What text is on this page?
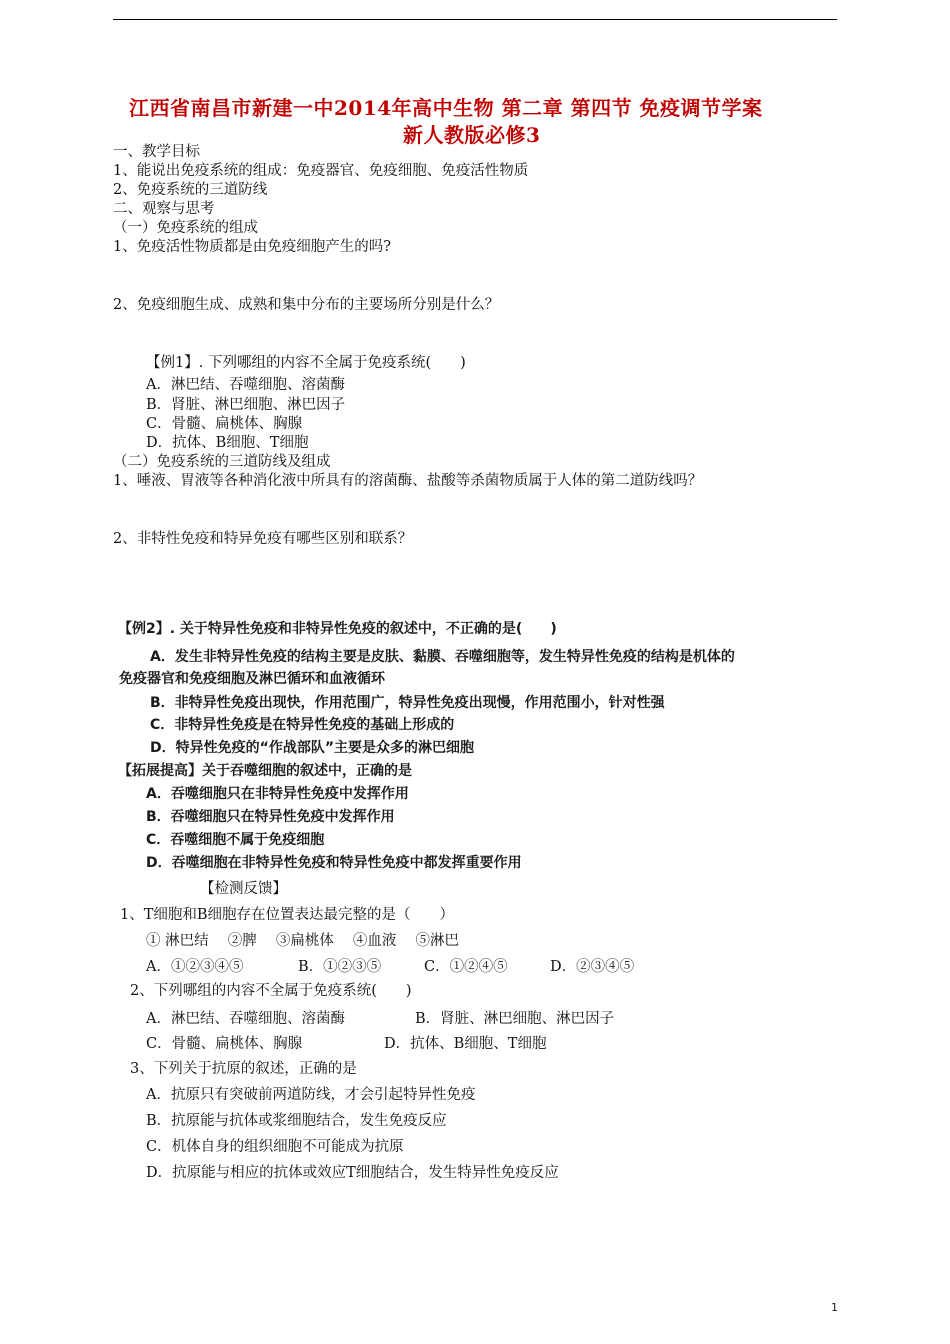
江西省南昌市新建一中2014年高中生物 第二章 第四节 免疫调节学案
新人教版必修3
一、教学目标
1、能说出免疫系统的组成：免疫器官、免疫细胞、免疫活性物质
2、免疫系统的三道防线
二、观察与思考
（一）免疫系统的组成
1、免疫活性物质都是由免疫细胞产生的吗?
2、免疫细胞生成、成熟和集中分布的主要场所分别是什么？
【例1】. 下列哪组的内容不全属于免疫系统(　　)
A．淋巴结、吞噬细胞、溶菌酶
B．肾脏、淋巴细胞、淋巴因子
C．骨髓、扁桃体、胸腺
D．抗体、B细胞、T细胞
（二）免疫系统的三道防线及组成
1、唾液、胃液等各种消化液中所具有的溶菌酶、盐酸等杀菌物质属于人体的第二道防线吗？
2、非特性免疫和特异免疫有哪些区别和联系？
【例2】. 关于特异性免疫和非特异性免疫的叙述中，不正确的是(　　)
A．发生非特异性免疫的结构主要是皮肤、黏膜、吞噬细胞等，发生特异性免疫的结构是机体的
免疫器官和免疫细胞及淋巴循环和血液循环
B．非特异性免疫出现快，作用范围广，特异性免疫出现慢，作用范围小，针对性强
C．非特异性免疫是在特异性免疫的基础上形成的
D．特异性免疫的“作战部队”主要是众多的淋巴细胞
【拓展提高】关于吞噬细胞的叙述中，正确的是
A．吞噬细胞只在非特异性免疫中发挥作用
B．吞噬细胞只在特异性免疫中发挥作用
C．吞噬细胞不属于免疫细胞
D．吞噬细胞在非特异性免疫和特异性免疫中都发挥重要作用
【检测反馈】
1、T细胞和B细胞存在位置表达最完整的是（　　）
① 淋巴结　 ②脾　 ③扁桃体　 ④血液　 ⑤淋巴
A．①②③④⑤	B．①②③⑤	C．①②④⑤	D．②③④⑤
2、下列哪组的内容不全属于免疫系统(　　)
A．淋巴结、吞噬细胞、溶菌酶	B．肾脏、淋巴细胞、淋巴因子
C．骨髓、扁桃体、胸腺	D．抗体、B细胞、T细胞
3、下列关于抗原的叙述，正确的是
A．抗原只有突破前两道防线，才会引起特异性免疫
B．抗原能与抗体或浆细胞结合，发生免疫反应
C．机体自身的组织细胞不可能成为抗原
D．抗原能与相应的抗体或效应T细胞结合，发生特异性免疫反应
1
